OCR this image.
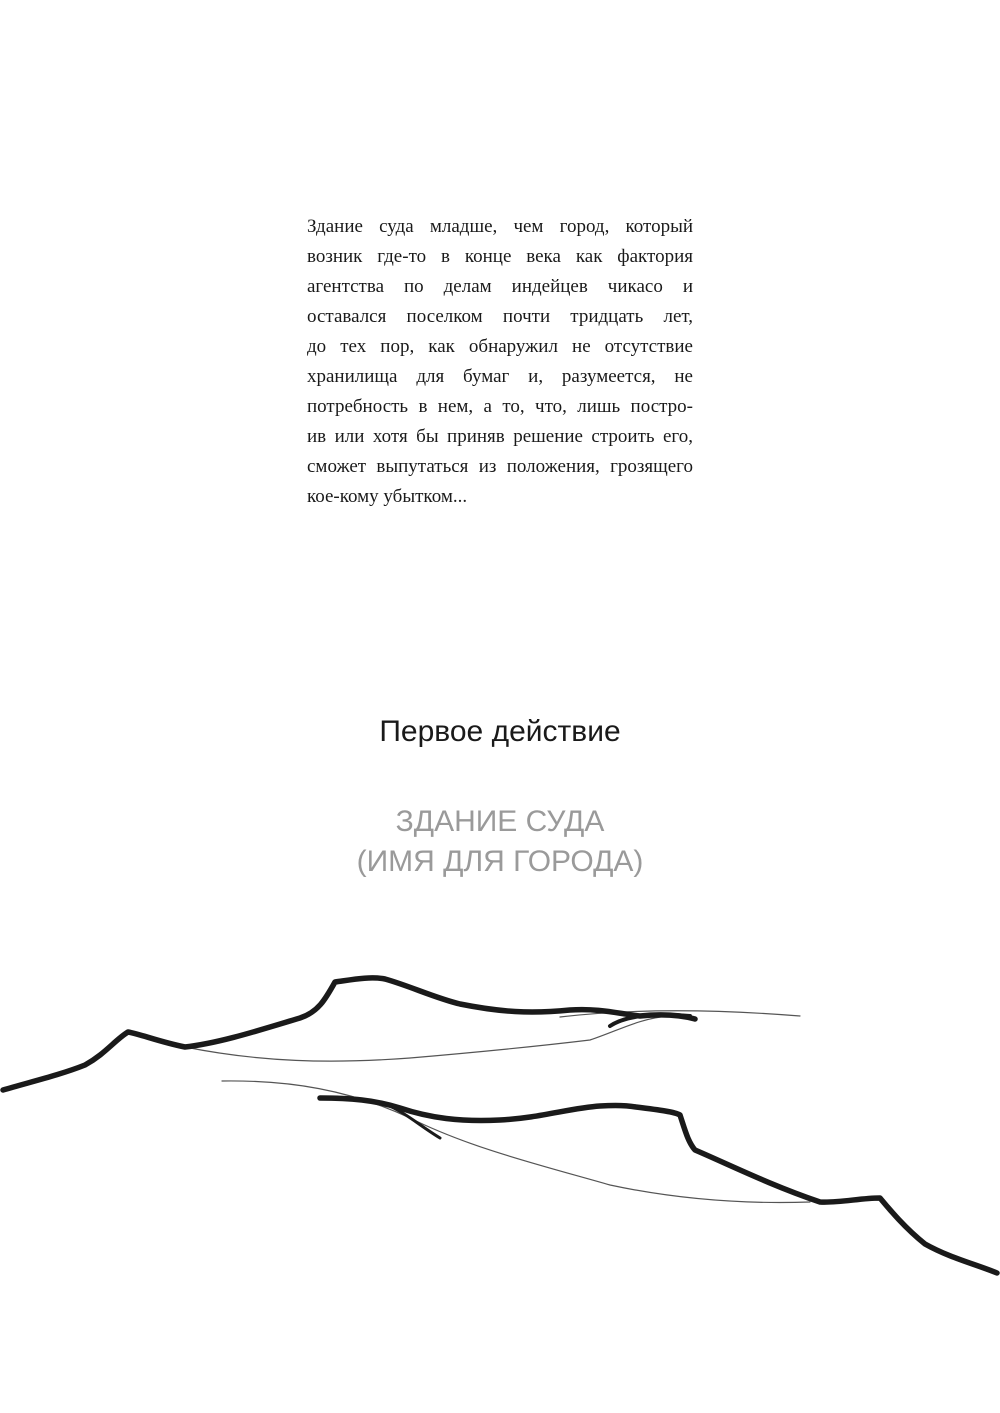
Здание суда младше, чем город, который
возник где-то в конце века как фактория
агентства по делам индейцев чикасо и
оставался поселком почти тридцать лет,
до тех пор, как обнаружил не отсутствие
хранилища для бумаг и, разумеется, не
потребность в нем, а то, что, лишь постро-
ив или хотя бы приняв решение строить его,
сможет выпутаться из положения, грозящего
кое-кому убытком...
Первое действие
ЗДАНИЕ СУДА
(ИМЯ ДЛЯ ГОРОДА)
